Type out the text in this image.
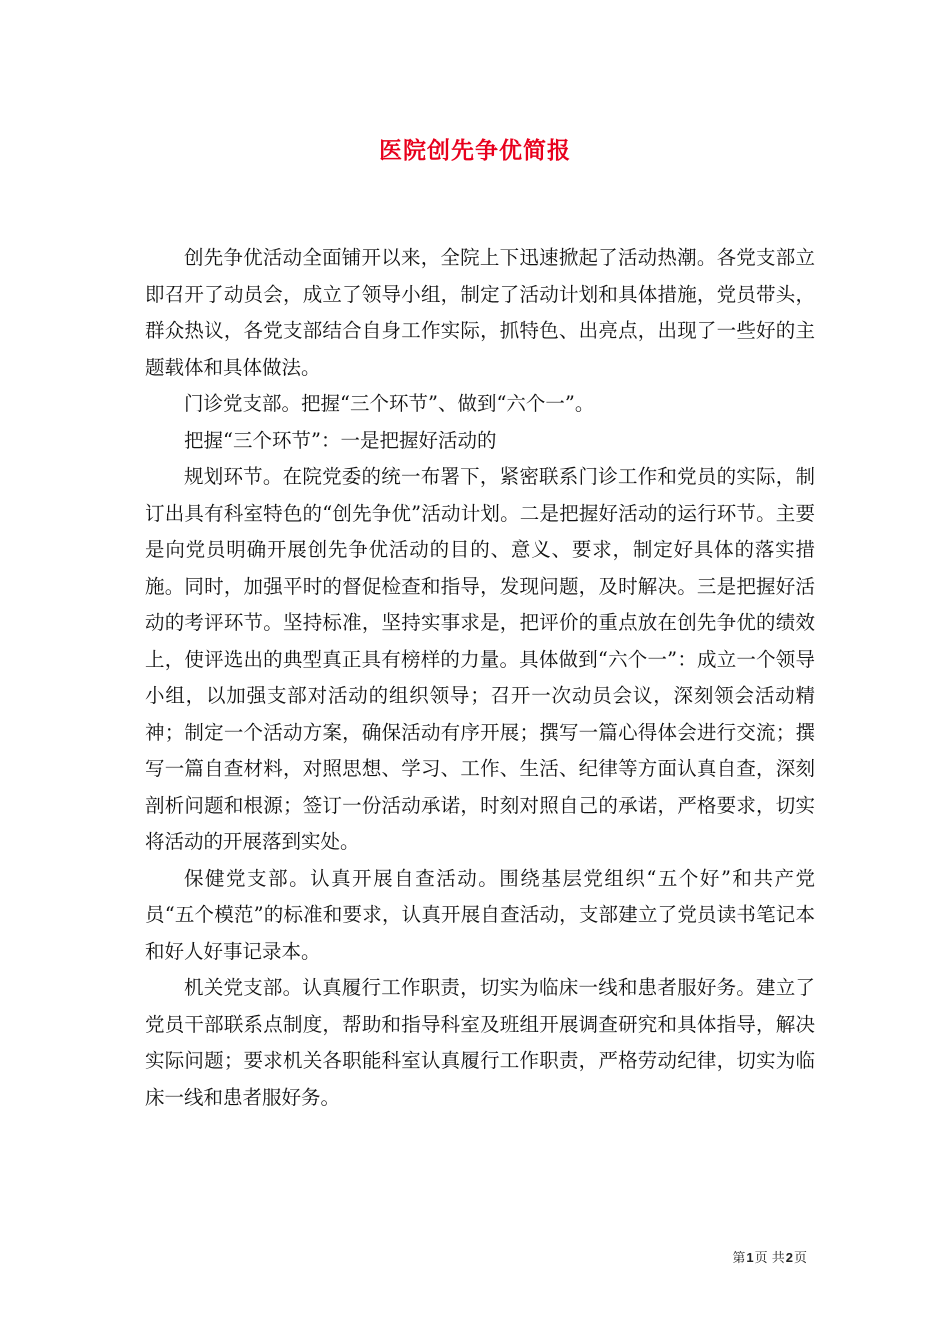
医院创先争优简报

创先争优活动全面铺开以来，全院上下迅速掀起了活动热潮。各党支部立即召开了动员会，成立了领导小组，制定了活动计划和具体措施，党员带头，群众热议，各党支部结合自身工作实际，抓特色、出亮点，出现了一些好的主题载体和具体做法。

门诊党支部。把握“三个环节”、做到“六个一”。

把握“三个环节”：一是把握好活动的

规划环节。在院党委的统一布署下，紧密联系门诊工作和党员的实际，制订出具有科室特色的“创先争优”活动计划。二是把握好活动的运行环节。主要是向党员明确开展创先争优活动的目的、意义、要求，制定好具体的落实措施。同时，加强平时的督促检查和指导，发现问题，及时解决。三是把握好活动的考评环节。坚持标准，坚持实事求是，把评价的重点放在创先争优的绩效上，使评选出的典型真正具有榜样的力量。具体做到“六个一”：成立一个领导小组，以加强支部对活动的组织领导；召开一次动员会议，深刻领会活动精神；制定一个活动方案，确保活动有序开展；撰写一篇心得体会进行交流；撰写一篇自查材料，对照思想、学习、工作、生活、纪律等方面认真自查，深刻剖析问题和根源；签订一份活动承诺，时刻对照自己的承诺，严格要求，切实将活动的开展落到实处。

保健党支部。认真开展自查活动。围绕基层党组织“五个好”和共产党员“五个模范”的标准和要求，认真开展自查活动，支部建立了党员读书笔记本和好人好事记录本。

机关党支部。认真履行工作职责，切实为临床一线和患者服好务。建立了党员干部联系点制度，帮助和指导科室及班组开展调查研究和具体指导，解决实际问题；要求机关各职能科室认真履行工作职责，严格劳动纪律，切实为临床一线和患者服好务。

第1页 共2页
